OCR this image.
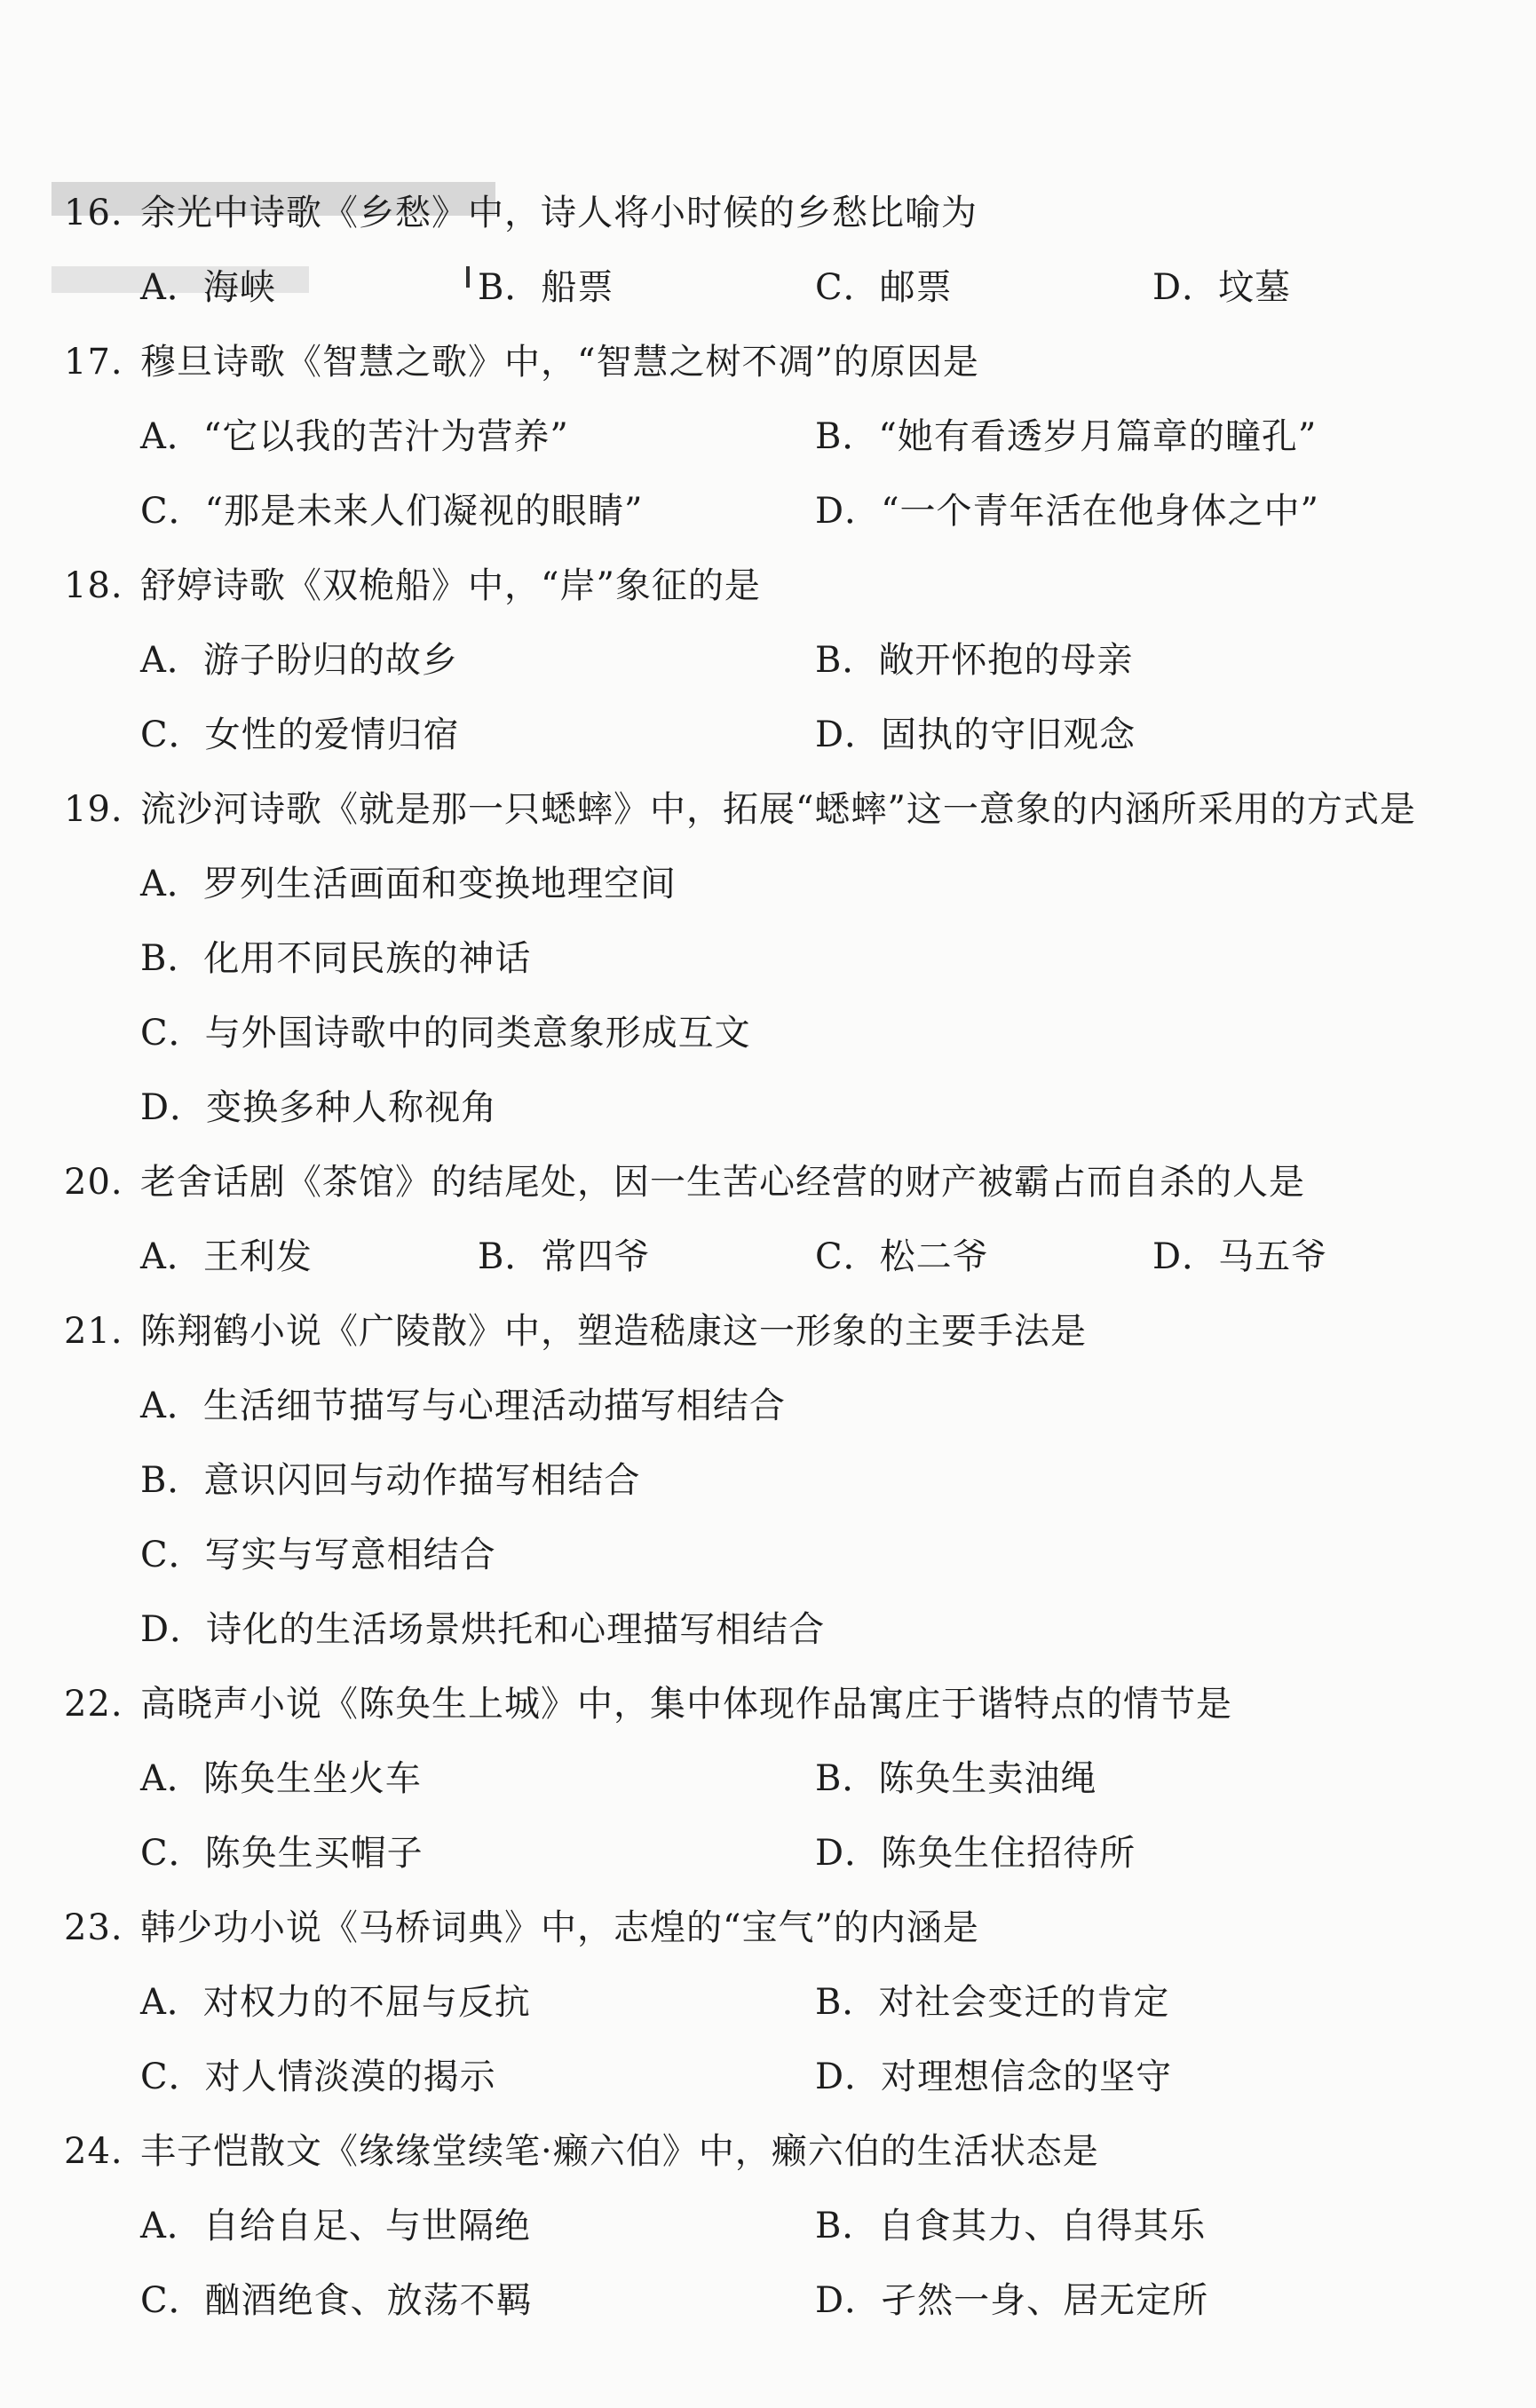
16. 余光中诗歌《乡愁》中，诗人将小时候的乡愁比喻为
A．海峡	B．船票	C．邮票	D．坟墓
17. 穆旦诗歌《智慧之歌》中，“智慧之树不凋”的原因是
A．“它以我的苦汁为营养”	B．“她有看透岁月篇章的瞳孔”
C．“那是未来人们凝视的眼睛”	D．“一个青年活在他身体之中”
18. 舒婷诗歌《双桅船》中，“岸”象征的是
A．游子盼归的故乡	B．敞开怀抱的母亲
C．女性的爱情归宿	D．固执的守旧观念
19. 流沙河诗歌《就是那一只蟋蟀》中，拓展“蟋蟀”这一意象的内涵所采用的方式是
A．罗列生活画面和变换地理空间
B．化用不同民族的神话
C．与外国诗歌中的同类意象形成互文
D．变换多种人称视角
20. 老舍话剧《茶馆》的结尾处，因一生苦心经营的财产被霸占而自杀的人是
A．王利发	B．常四爷	C．松二爷	D．马五爷
21. 陈翔鹤小说《广陵散》中，塑造嵇康这一形象的主要手法是
A．生活细节描写与心理活动描写相结合
B．意识闪回与动作描写相结合
C．写实与写意相结合
D．诗化的生活场景烘托和心理描写相结合
22. 高晓声小说《陈奂生上城》中，集中体现作品寓庄于谐特点的情节是
A．陈奂生坐火车	B．陈奂生卖油绳
C．陈奂生买帽子	D．陈奂生住招待所
23. 韩少功小说《马桥词典》中，志煌的“宝气”的内涵是
A．对权力的不屈与反抗	B．对社会变迁的肯定
C．对人情淡漠的揭示	D．对理想信念的坚守
24. 丰子恺散文《缘缘堂续笔·癞六伯》中，癞六伯的生活状态是
A．自给自足、与世隔绝	B．自食其力、自得其乐
C．酗酒绝食、放荡不羁	D．孑然一身、居无定所
